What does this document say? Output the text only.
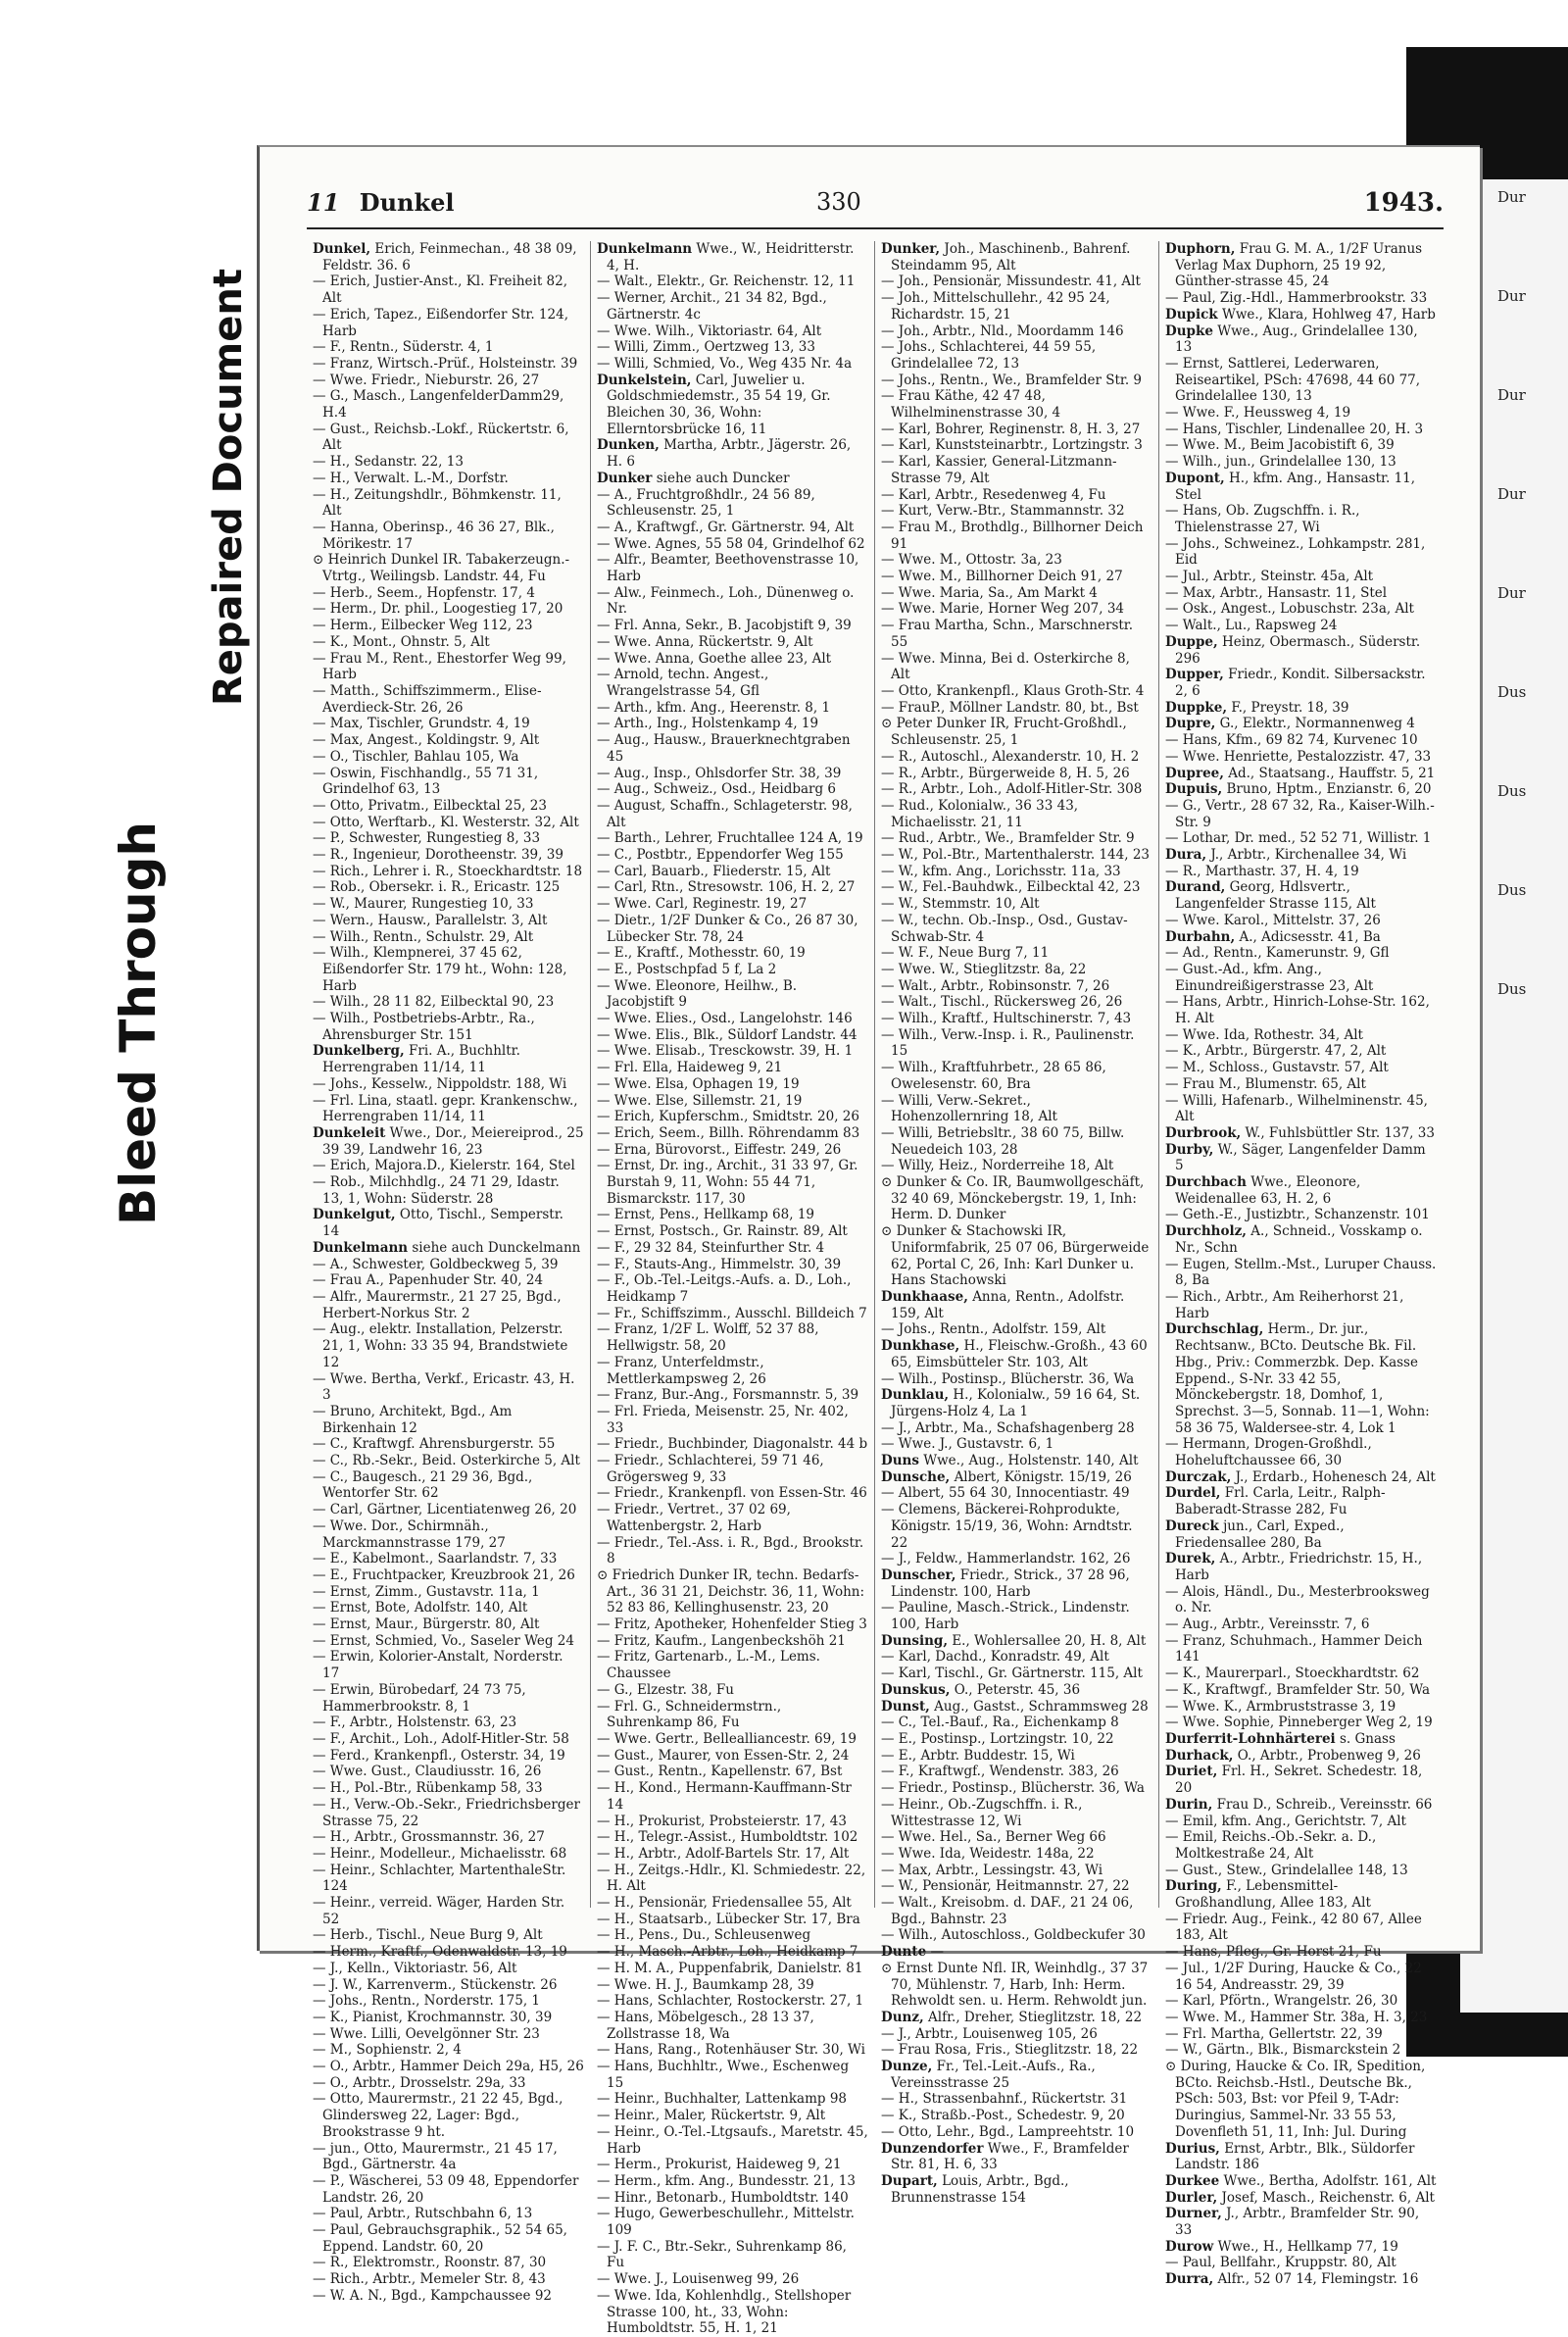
Bleed Through
Repaired Document
Dur
Dur
Dur
Dur
Dur
Dus
Dus
Dus
Dus
11 Dunkel	330	1943.

Dunkel, Erich, Feinmechan., 48 38 09, Feldstr. 36. 6

— Erich, Justier-Anst., Kl. Freiheit 82, Alt

— Erich, Tapez., Eißendorfer Str. 124, Harb

— F., Rentn., Süderstr. 4, 1

— Franz, Wirtsch.-Prüf., Holsteinstr. 39

— Wwe. Friedr., Nieburstr. 26, 27

— G., Masch., LangenfelderDamm29, H.4

— Gust., Reichsb.-Lokf., Rückertstr. 6, Alt

— H., Sedanstr. 22, 13

— H., Verwalt. L.-M., Dorfstr.

— H., Zeitungshdlr., Böhmkenstr. 11, Alt

— Hanna, Oberinsp., 46 36 27, Blk., Mörikestr. 17

⊙ Heinrich Dunkel IR. Tabakerzeugn.-Vtrtg., Weilingsb. Landstr. 44, Fu

— Herb., Seem., Hopfenstr. 17, 4

— Herm., Dr. phil., Loogestieg 17, 20

— Herm., Eilbecker Weg 112, 23

— K., Mont., Ohnstr. 5, Alt

— Frau M., Rent., Ehestorfer Weg 99, Harb

— Matth., Schiffszimmerm., Elise-Averdieck-Str. 26, 26

— Max, Tischler, Grundstr. 4, 19

— Max, Angest., Koldingstr. 9, Alt

— O., Tischler, Bahlau 105, Wa

— Oswin, Fischhandlg., 55 71 31, Grindelhof 63, 13

— Otto, Privatm., Eilbecktal 25, 23

— Otto, Werftarb., Kl. Westerstr. 32, Alt

— P., Schwester, Rungestieg 8, 33

— R., Ingenieur, Dorotheenstr. 39, 39

— Rich., Lehrer i. R., Stoeckhardtstr. 18

— Rob., Obersekr. i. R., Ericastr. 125

— W., Maurer, Rungestieg 10, 33

— Wern., Hausw., Parallelstr. 3, Alt

— Wilh., Rentn., Schulstr. 29, Alt

— Wilh., Klempnerei, 37 45 62, Eißendorfer Str. 179 ht., Wohn: 128, Harb

— Wilh., 28 11 82, Eilbecktal 90, 23

— Wilh., Postbetriebs-Arbtr., Ra., Ahrensburger Str. 151

Dunkelberg, Fri. A., Buchhltr. Herrengraben 11/14, 11

— Johs., Kesselw., Nippoldstr. 188, Wi

— Frl. Lina, staatl. gepr. Krankenschw., Herrengraben 11/14, 11

Dunkeleit Wwe., Dor., Meiereiprod., 25 39 39, Landwehr 16, 23

— Erich, Majora.D., Kielerstr. 164, Stel

— Rob., Milchhdlg., 24 71 29, Idastr. 13, 1, Wohn: Süderstr. 28

Dunkelgut, Otto, Tischl., Semperstr. 14

Dunkelmann siehe auch Dunckelmann

— A., Schwester, Goldbeckweg 5, 39

— Frau A., Papenhuder Str. 40, 24

— Alfr., Maurermstr., 21 27 25, Bgd., Herbert-Norkus Str. 2

— Aug., elektr. Installation, Pelzerstr. 21, 1, Wohn: 33 35 94, Brandstwiete 12

— Wwe. Bertha, Verkf., Ericastr. 43, H. 3

— Bruno, Architekt, Bgd., Am Birkenhain 12

— C., Kraftwgf. Ahrensburgerstr. 55

— C., Rb.-Sekr., Beid. Osterkirche 5, Alt

— C., Baugesch., 21 29 36, Bgd., Wentorfer Str. 62

— Carl, Gärtner, Licentiatenweg 26, 20

— Wwe. Dor., Schirmnäh., Marckmannstrasse 179, 27

— E., Kabelmont., Saarlandstr. 7, 33

— E., Fruchtpacker, Kreuzbrook 21, 26

— Ernst, Zimm., Gustavstr. 11a, 1

— Ernst, Bote, Adolfstr. 140, Alt

— Ernst, Maur., Bürgerstr. 80, Alt

— Ernst, Schmied, Vo., Saseler Weg 24

— Erwin, Kolorier-Anstalt, Norderstr. 17

— Erwin, Bürobedarf, 24 73 75, Hammerbrookstr. 8, 1

— F., Arbtr., Holstenstr. 63, 23

— F., Archit., Loh., Adolf-Hitler-Str. 58

— Ferd., Krankenpfl., Osterstr. 34, 19

— Wwe. Gust., Claudiusstr. 16, 26

— H., Pol.-Btr., Rübenkamp 58, 33

— H., Verw.-Ob.-Sekr., Friedrichsberger Strasse 75, 22

— H., Arbtr., Grossmannstr. 36, 27

— Heinr., Modelleur., Michaelisstr. 68

— Heinr., Schlachter, MartenthaleStr. 124

— Heinr., verreid. Wäger, Harden Str. 52

— Herb., Tischl., Neue Burg 9, Alt

— Herm., Kraftf., Odenwaldstr. 13, 19

— J., Kelln., Viktoriastr. 56, Alt

— J. W., Karrenverm., Stückenstr. 26

— Johs., Rentn., Norderstr. 175, 1

— K., Pianist, Krochmannstr. 30, 39

— Wwe. Lilli, Oevelgönner Str. 23

— M., Sophienstr. 2, 4

— O., Arbtr., Hammer Deich 29a, H5, 26

— O., Arbtr., Drosselstr. 29a, 33

— Otto, Maurermstr., 21 22 45, Bgd., Glindersweg 22, Lager: Bgd., Brookstrasse 9 ht.

— jun., Otto, Maurermstr., 21 45 17, Bgd., Gärtnerstr. 4a

— P., Wäscherei, 53 09 48, Eppendorfer Landstr. 26, 20

— Paul, Arbtr., Rutschbahn 6, 13

— Paul, Gebrauchsgraphik., 52 54 65, Eppend. Landstr. 60, 20

— R., Elektromstr., Roonstr. 87, 30

— Rich., Arbtr., Memeler Str. 8, 43

— W. A. N., Bgd., Kampchaussee 92

Dunkelmann Wwe., W., Heidritterstr. 4, H.

— Walt., Elektr., Gr. Reichenstr. 12, 11

— Werner, Archit., 21 34 82, Bgd., Gärtnerstr. 4c

— Wwe. Wilh., Viktoriastr. 64, Alt

— Willi, Zimm., Oertzweg 13, 33

— Willi, Schmied, Vo., Weg 435 Nr. 4a

Dunkelstein, Carl, Juwelier u. Goldschmiedemstr., 35 54 19, Gr. Bleichen 30, 36, Wohn: Ellerntorsbrücke 16, 11

Dunken, Martha, Arbtr., Jägerstr. 26, H. 6

Dunker siehe auch Duncker

— A., Fruchtgroßhdlr., 24 56 89, Schleusenstr. 25, 1

— A., Kraftwgf., Gr. Gärtnerstr. 94, Alt

— Wwe. Agnes, 55 58 04, Grindelhof 62

— Alfr., Beamter, Beethovenstrasse 10, Harb

— Alw., Feinmech., Loh., Dünenweg o. Nr.

— Frl. Anna, Sekr., B. Jacobjstift 9, 39

— Wwe. Anna, Rückertstr. 9, Alt

— Wwe. Anna, Goethe allee 23, Alt

— Arnold, techn. Angest., Wrangelstrasse 54, Gfl

— Arth., kfm. Ang., Heerenstr. 8, 1

— Arth., Ing., Holstenkamp 4, 19

— Aug., Hausw., Brauerknechtgraben 45

— Aug., Insp., Ohlsdorfer Str. 38, 39

— Aug., Schweiz., Osd., Heidbarg 6

— August, Schaffn., Schlageterstr. 98, Alt

— Barth., Lehrer, Fruchtallee 124 A, 19

— C., Postbtr., Eppendorfer Weg 155

— Carl, Bauarb., Fliederstr. 15, Alt

— Carl, Rtn., Stresowstr. 106, H. 2, 27

— Wwe. Carl, Reginestr. 19, 27

— Dietr., 1/2F Dunker & Co., 26 87 30, Lübecker Str. 78, 24

— E., Kraftf., Mothesstr. 60, 19

— E., Postschpfad 5 f, La 2

— Wwe. Eleonore, Heilhw., B. Jacobjstift 9

— Wwe. Elies., Osd., Langelohstr. 146

— Wwe. Elis., Blk., Süldorf Landstr. 44

— Wwe. Elisab., Tresckowstr. 39, H. 1

— Frl. Ella, Haideweg 9, 21

— Wwe. Elsa, Ophagen 19, 19

— Wwe. Else, Sillemstr. 21, 19

— Erich, Kupferschm., Smidtstr. 20, 26

— Erich, Seem., Billh. Röhrendamm 83

— Erna, Bürovorst., Eiffestr. 249, 26

— Ernst, Dr. ing., Archit., 31 33 97, Gr. Burstah 9, 11, Wohn: 55 44 71, Bismarckstr. 117, 30

— Ernst, Pens., Hellkamp 68, 19

— Ernst, Postsch., Gr. Rainstr. 89, Alt

— F., 29 32 84, Steinfurther Str. 4

— F., Stauts-Ang., Himmelstr. 30, 39

— F., Ob.-Tel.-Leitgs.-Aufs. a. D., Loh., Heidkamp 7

— Fr., Schiffszimm., Ausschl. Billdeich 7

— Franz, 1/2F L. Wolff, 52 37 88, Hellwigstr. 58, 20

— Franz, Unterfeldmstr., Mettlerkampsweg 2, 26

— Franz, Bur.-Ang., Forsmannstr. 5, 39

— Frl. Frieda, Meisenstr. 25, Nr. 402, 33

— Friedr., Buchbinder, Diagonalstr. 44 b

— Friedr., Schlachterei, 59 71 46, Grögersweg 9, 33

— Friedr., Krankenpfl. von Essen-Str. 46

— Friedr., Vertret., 37 02 69, Wattenbergstr. 2, Harb

— Friedr., Tel.-Ass. i. R., Bgd., Brookstr. 8

⊙ Friedrich Dunker IR, techn. Bedarfs-Art., 36 31 21, Deichstr. 36, 11, Wohn: 52 83 86, Kellinghusenstr. 23, 20

— Fritz, Apotheker, Hohenfelder Stieg 3

— Fritz, Kaufm., Langenbeckshöh 21

— Fritz, Gartenarb., L.-M., Lems. Chaussee

— G., Elzestr. 38, Fu

— Frl. G., Schneidermstrn., Suhrenkamp 86, Fu

— Wwe. Gertr., Bellealliancestr. 69, 19

— Gust., Maurer, von Essen-Str. 2, 24

— Gust., Rentn., Kapellenstr. 67, Bst

— H., Kond., Hermann-Kauffmann-Str 14

— H., Prokurist, Probsteierstr. 17, 43

— H., Telegr.-Assist., Humboldtstr. 102

— H., Arbtr., Adolf-Bartels Str. 17, Alt

— H., Zeitgs.-Hdlr., Kl. Schmiedestr. 22, H. Alt

— H., Pensionär, Friedensallee 55, Alt

— H., Staatsarb., Lübecker Str. 17, Bra

— H., Pens., Du., Schleusenweg

— H., Masch.-Arbtr., Loh., Heidkamp 7

— H. M. A., Puppenfabrik, Danielstr. 81

— Wwe. H. J., Baumkamp 28, 39

— Hans, Schlachter, Rostockerstr. 27, 1

— Hans, Möbelgesch., 28 13 37, Zollstrasse 18, Wa

— Hans, Rang., Rotenhäuser Str. 30, Wi

— Hans, Buchhltr., Wwe., Eschenweg 15

— Heinr., Buchhalter, Lattenkamp 98

— Heinr., Maler, Rückertstr. 9, Alt

— Heinr., O.-Tel.-Ltgsaufs., Maretstr. 45, Harb

— Herm., Prokurist, Haideweg 9, 21

— Herm., kfm. Ang., Bundesstr. 21, 13

— Hinr., Betonarb., Humboldtstr. 140

— Hugo, Gewerbeschullehr., Mittelstr. 109

— J. F. C., Btr.-Sekr., Suhrenkamp 86, Fu

— Wwe. J., Louisenweg 99, 26

— Wwe. Ida, Kohlenhdlg., Stellshoper Strasse 100, ht., 33, Wohn: Humboldtstr. 55, H. 1, 21

Dunker, Joh., Maschinenb., Bahrenf. Steindamm 95, Alt

— Joh., Pensionär, Missundestr. 41, Alt

— Joh., Mittelschullehr., 42 95 24, Richardstr. 15, 21

— Joh., Arbtr., Nld., Moordamm 146

— Johs., Schlachterei, 44 59 55, Grindelallee 72, 13

— Johs., Rentn., We., Bramfelder Str. 9

— Frau Käthe, 42 47 48, Wilhelminenstrasse 30, 4

— Karl, Bohrer, Reginenstr. 8, H. 3, 27

— Karl, Kunststeinarbtr., Lortzingstr. 3

— Karl, Kassier, General-Litzmann-Strasse 79, Alt

— Karl, Arbtr., Resedenweg 4, Fu

— Kurt, Verw.-Btr., Stammannstr. 32

— Frau M., Brothdlg., Billhorner Deich 91

— Wwe. M., Ottostr. 3a, 23

— Wwe. M., Billhorner Deich 91, 27

— Wwe. Maria, Sa., Am Markt 4

— Wwe. Marie, Horner Weg 207, 34

— Frau Martha, Schn., Marschnerstr. 55

— Wwe. Minna, Bei d. Osterkirche 8, Alt

— Otto, Krankenpfl., Klaus Groth-Str. 4

— FrauP., Möllner Landstr. 80, bt., Bst

⊙ Peter Dunker IR, Frucht-Großhdl., Schleusenstr. 25, 1

— R., Autoschl., Alexanderstr. 10, H. 2

— R., Arbtr., Bürgerweide 8, H. 5, 26

— R., Arbtr., Loh., Adolf-Hitler-Str. 308

— Rud., Kolonialw., 36 33 43, Michaelisstr. 21, 11

— Rud., Arbtr., We., Bramfelder Str. 9

— W., Pol.-Btr., Martenthalerstr. 144, 23

— W., kfm. Ang., Lorichsstr. 11a, 33

— W., Fel.-Bauhdwk., Eilbecktal 42, 23

— W., Stemmstr. 10, Alt

— W., techn. Ob.-Insp., Osd., Gustav-Schwab-Str. 4

— W. F., Neue Burg 7, 11

— Wwe. W., Stieglitzstr. 8a, 22

— Walt., Arbtr., Robinsonstr. 7, 26

— Walt., Tischl., Rückersweg 26, 26

— Wilh., Kraftf., Hultschinerstr. 7, 43

— Wilh., Verw.-Insp. i. R., Paulinenstr. 15

— Wilh., Kraftfuhrbetr., 28 65 86, Owelesenstr. 60, Bra

— Willi, Verw.-Sekret., Hohenzollernring 18, Alt

— Willi, Betriebsltr., 38 60 75, Billw. Neuedeich 103, 28

— Willy, Heiz., Norderreihe 18, Alt

⊙ Dunker & Co. IR, Baumwollgeschäft, 32 40 69, Mönckebergstr. 19, 1, Inh: Herm. D. Dunker

⊙ Dunker & Stachowski IR, Uniformfabrik, 25 07 06, Bürgerweide 62, Portal C, 26, Inh: Karl Dunker u. Hans Stachowski

Dunkhaase, Anna, Rentn., Adolfstr. 159, Alt

— Johs., Rentn., Adolfstr. 159, Alt

Dunkhase, H., Fleischw.-Großh., 43 60 65, Eimsbütteler Str. 103, Alt

— Wilh., Postinsp., Blücherstr. 36, Wa

Dunklau, H., Kolonialw., 59 16 64, St. Jürgens-Holz 4, La 1

— J., Arbtr., Ma., Schafshagenberg 28

— Wwe. J., Gustavstr. 6, 1

Duns Wwe., Aug., Holstenstr. 140, Alt

Dunsche, Albert, Königstr. 15/19, 26

— Albert, 55 64 30, Innocentiastr. 49

— Clemens, Bäckerei-Rohprodukte, Königstr. 15/19, 36, Wohn: Arndtstr. 22

— J., Feldw., Hammerlandstr. 162, 26

Dunscher, Friedr., Strick., 37 28 96, Lindenstr. 100, Harb

— Pauline, Masch.-Strick., Lindenstr. 100, Harb

Dunsing, E., Wohlersallee 20, H. 8, Alt

— Karl, Dachd., Konradstr. 49, Alt

— Karl, Tischl., Gr. Gärtnerstr. 115, Alt

Dunskus, O., Peterstr. 45, 36

Dunst, Aug., Gastst., Schrammsweg 28

— C., Tel.-Bauf., Ra., Eichenkamp 8

— E., Postinsp., Lortzingstr. 10, 22

— E., Arbtr. Buddestr. 15, Wi

— F., Kraftwgf., Wendenstr. 383, 26

— Friedr., Postinsp., Blücherstr. 36, Wa

— Heinr., Ob.-Zugschffn. i. R., Wittestrasse 12, Wi

— Wwe. Hel., Sa., Berner Weg 66

— Wwe. Ida, Weidestr. 148a, 22

— Max, Arbtr., Lessingstr. 43, Wi

— W., Pensionär, Heitmannstr. 27, 22

— Walt., Kreisobm. d. DAF., 21 24 06, Bgd., Bahnstr. 23

— Wilh., Autoschloss., Goldbeckufer 30

Dunte —

⊙ Ernst Dunte Nfl. IR, Weinhdlg., 37 37 70, Mühlenstr. 7, Harb, Inh: Herm. Rehwoldt sen. u. Herm. Rehwoldt jun.

Dunz, Alfr., Dreher, Stieglitzstr. 18, 22

— J., Arbtr., Louisenweg 105, 26

— Frau Rosa, Fris., Stieglitzstr. 18, 22

Dunze, Fr., Tel.-Leit.-Aufs., Ra., Vereinsstrasse 25

— H., Strassenbahnf., Rückertstr. 31

— K., Straßb.-Post., Schedestr. 9, 20

— Otto, Lehr., Bgd., Lampreehtstr. 10

Dunzendorfer Wwe., F., Bramfelder Str. 81, H. 6, 33

Dupart, Louis, Arbtr., Bgd., Brunnenstrasse 154

Duphorn, Frau G. M. A., 1/2F Uranus Verlag Max Duphorn, 25 19 92, Günther-strasse 45, 24

— Paul, Zig.-Hdl., Hammerbrookstr. 33

Dupick Wwe., Klara, Hohlweg 47, Harb

Dupke Wwe., Aug., Grindelallee 130, 13

— Ernst, Sattlerei, Lederwaren, Reiseartikel, PSch: 47698, 44 60 77, Grindelallee 130, 13

— Wwe. F., Heussweg 4, 19

— Hans, Tischler, Lindenallee 20, H. 3

— Wwe. M., Beim Jacobistift 6, 39

— Wilh., jun., Grindelallee 130, 13

Dupont, H., kfm. Ang., Hansastr. 11, Stel

— Hans, Ob. Zugschffn. i. R., Thielenstrasse 27, Wi

— Johs., Schweinez., Lohkampstr. 281, Eid

— Jul., Arbtr., Steinstr. 45a, Alt

— Max, Arbtr., Hansastr. 11, Stel

— Osk., Angest., Lobuschstr. 23a, Alt

— Walt., Lu., Rapsweg 24

Duppe, Heinz, Obermasch., Süderstr. 296

Dupper, Friedr., Kondit. Silbersackstr. 2, 6

Duppke, F., Preystr. 18, 39

Dupre, G., Elektr., Normannenweg 4

— Hans, Kfm., 69 82 74, Kurvenec 10

— Wwe. Henriette, Pestalozzistr. 47, 33

Dupree, Ad., Staatsang., Hauffstr. 5, 21

Dupuis, Bruno, Hptm., Enzianstr. 6, 20

— G., Vertr., 28 67 32, Ra., Kaiser-Wilh.-Str. 9

— Lothar, Dr. med., 52 52 71, Willistr. 1

Dura, J., Arbtr., Kirchenallee 34, Wi

— R., Marthastr. 37, H. 4, 19

Durand, Georg, Hdlsvertr., Langenfelder Strasse 115, Alt

— Wwe. Karol., Mittelstr. 37, 26

Durbahn, A., Adicsesstr. 41, Ba

— Ad., Rentn., Kamerunstr. 9, Gfl

— Gust.-Ad., kfm. Ang., Einundreißigerstrasse 23, Alt

— Hans, Arbtr., Hinrich-Lohse-Str. 162, H. Alt

— Wwe. Ida, Rothestr. 34, Alt

— K., Arbtr., Bürgerstr. 47, 2, Alt

— M., Schloss., Gustavstr. 57, Alt

— Frau M., Blumenstr. 65, Alt

— Willi, Hafenarb., Wilhelminenstr. 45, Alt

Durbrook, W., Fuhlsbüttler Str. 137, 33

Durby, W., Säger, Langenfelder Damm 5

Durchbach Wwe., Eleonore, Weidenallee 63, H. 2, 6

— Geth.-E., Justizbtr., Schanzenstr. 101

Durchholz, A., Schneid., Vosskamp o. Nr., Schn

— Eugen, Stellm.-Mst., Luruper Chauss. 8, Ba

— Rich., Arbtr., Am Reiherhorst 21, Harb

Durchschlag, Herm., Dr. jur., Rechtsanw., BCto. Deutsche Bk. Fil. Hbg., Priv.: Commerzbk. Dep. Kasse Eppend., S-Nr. 33 42 55, Mönckebergstr. 18, Domhof, 1, Sprechst. 3—5, Sonnab. 11—1, Wohn: 58 36 75, Waldersee-str. 4, Lok 1

— Hermann, Drogen-Großhdl., Hoheluftchaussee 66, 30

Durczak, J., Erdarb., Hohenesch 24, Alt

Durdel, Frl. Carla, Leitr., Ralph-Baberadt-Strasse 282, Fu

Dureck jun., Carl, Exped., Friedensallee 280, Ba

Durek, A., Arbtr., Friedrichstr. 15, H., Harb

— Alois, Händl., Du., Mesterbrooksweg o. Nr.

— Aug., Arbtr., Vereinsstr. 7, 6

— Franz, Schuhmach., Hammer Deich 141

— K., Maurerparl., Stoeckhardtstr. 62

— K., Kraftwgf., Bramfelder Str. 50, Wa

— Wwe. K., Armbruststrasse 3, 19

— Wwe. Sophie, Pinneberger Weg 2, 19

Durferrit-Lohnhärterei s. Gnass

Durhack, O., Arbtr., Probenweg 9, 26

Duriet, Frl. H., Sekret. Schedestr. 18, 20

Durin, Frau D., Schreib., Vereinsstr. 66

— Emil, kfm. Ang., Gerichtstr. 7, Alt

— Emil, Reichs.-Ob.-Sekr. a. D., Moltkestraße 24, Alt

— Gust., Stew., Grindelallee 148, 13

During, F., Lebensmittel-Großhandlung, Allee 183, Alt

— Friedr. Aug., Feink., 42 80 67, Allee 183, Alt

— Hans, Pfleg., Gr. Horst 21, Fu

— Jul., 1/2F During, Haucke & Co., 22 16 54, Andreasstr. 29, 39

— Karl, Pförtn., Wrangelstr. 26, 30

— Wwe. M., Hammer Str. 38a, H. 3, 23

— Frl. Martha, Gellertstr. 22, 39

— W., Gärtn., Blk., Bismarckstein 2

⊙ During, Haucke & Co. IR, Spedition, BCto. Reichsb.-Hstl., Deutsche Bk., PSch: 503, Bst: vor Pfeil 9, T-Adr: Duringius, Sammel-Nr. 33 55 53, Dovenfleth 51, 11, Inh: Jul. During

Durius, Ernst, Arbtr., Blk., Süldorfer Landstr. 186

Durkee Wwe., Bertha, Adolfstr. 161, Alt

Durler, Josef, Masch., Reichenstr. 6, Alt

Durner, J., Arbtr., Bramfelder Str. 90, 33

Durow Wwe., H., Hellkamp 77, 19

— Paul, Bellfahr., Kruppstr. 80, Alt

Durra, Alfr., 52 07 14, Flemingstr. 16
